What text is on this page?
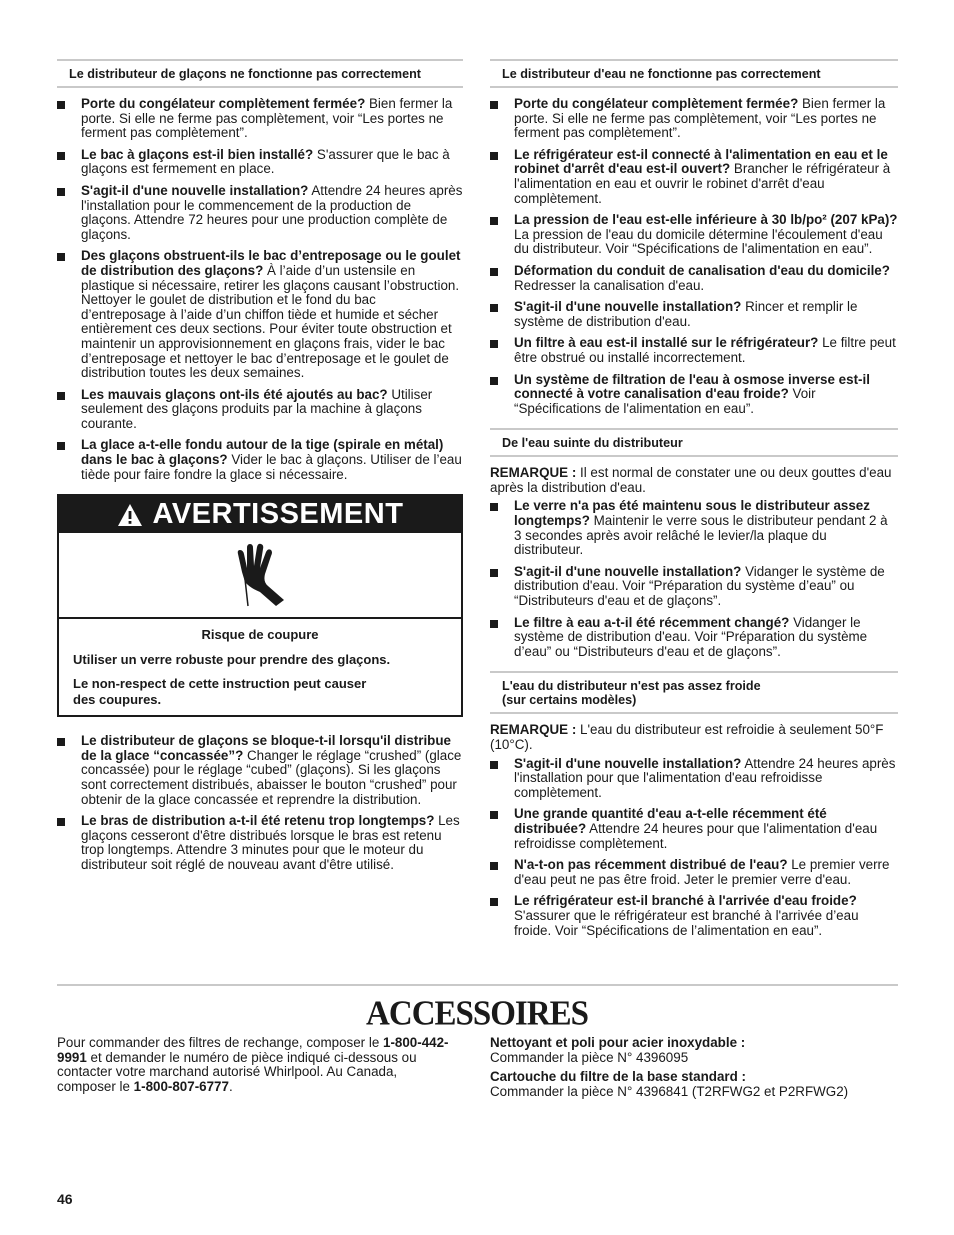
Le distributeur de glaçons ne fonctionne pas correctement
Porte du congélateur complètement fermée? Bien fermer la porte. Si elle ne ferme pas complètement, voir “Les portes ne ferment pas complètement”.
Le bac à glaçons est-il bien installé? S'assurer que le bac à glaçons est fermement en place.
S'agit-il d'une nouvelle installation? Attendre 24 heures après l'installation pour le commencement de la production de glaçons. Attendre 72 heures pour une production complète de glaçons.
Des glaçons obstruent-ils le bac d’entreposage ou le goulet de distribution des glaçons? À l’aide d’un ustensile en plastique si nécessaire, retirer les glaçons causant l’obstruction. Nettoyer le goulet de distribution et le fond du bac d’entreposage à l’aide d’un chiffon tiède et humide et sécher entièrement ces deux sections. Pour éviter toute obstruction et maintenir un approvisionnement en glaçons frais, vider le bac d’entreposage et nettoyer le bac d’entreposage et le goulet de distribution toutes les deux semaines.
Les mauvais glaçons ont-ils été ajoutés au bac? Utiliser seulement des glaçons produits par la machine à glaçons courante.
La glace a-t-elle fondu autour de la tige (spirale en métal) dans le bac à glaçons? Vider le bac à glaçons. Utiliser de l’eau tiède pour faire fondre la glace si nécessaire.
AVERTISSEMENT

Risque de coupure

Utiliser un verre robuste pour prendre des glaçons.

Le non-respect de cette instruction peut causer des coupures.

Le distributeur de glaçons se bloque-t-il lorsqu'il distribue de la glace “concassée”? Changer le réglage “crushed” (glace concassée) pour le réglage “cubed” (glaçons). Si les glaçons sont correctement distribués, abaisser le bouton “crushed” pour obtenir de la glace concassée et reprendre la distribution.
Le bras de distribution a-t-il été retenu trop longtemps? Les glaçons cesseront d'être distribués lorsque le bras est retenu trop longtemps. Attendre 3 minutes pour que le moteur du distributeur soit réglé de nouveau avant d'être utilisé.
Le distributeur d'eau ne fonctionne pas correctement
Porte du congélateur complètement fermée? Bien fermer la porte. Si elle ne ferme pas complètement, voir “Les portes ne ferment pas complètement”.
Le réfrigérateur est-il connecté à l'alimentation en eau et le robinet d'arrêt d'eau est-il ouvert? Brancher le réfrigérateur à l'alimentation en eau et ouvrir le robinet d'arrêt d'eau complètement.
La pression de l'eau est-elle inférieure à 30 lb/po² (207 kPa)? La pression de l'eau du domicile détermine l'écoulement d'eau du distributeur. Voir “Spécifications de l'alimentation en eau”.
Déformation du conduit de canalisation d'eau du domicile? Redresser la canalisation d'eau.
S'agit-il d'une nouvelle installation? Rincer et remplir le système de distribution d'eau.
Un filtre à eau est-il installé sur le réfrigérateur? Le filtre peut être obstrué ou installé incorrectement.
Un système de filtration de l'eau à osmose inverse est-il connecté à votre canalisation d'eau froide? Voir “Spécifications de l'alimentation en eau”.
De l'eau suinte du distributeur

REMARQUE : Il est normal de constater une ou deux gouttes d'eau après la distribution d'eau.

Le verre n'a pas été maintenu sous le distributeur assez longtemps? Maintenir le verre sous le distributeur pendant 2 à 3 secondes après avoir relâché le levier/la plaque du distributeur.
S'agit-il d'une nouvelle installation? Vidanger le système de distribution d'eau. Voir “Préparation du système d’eau” ou “Distributeurs d'eau et de glaçons”.
Le filtre à eau a-t-il été récemment changé? Vidanger le système de distribution d'eau. Voir “Préparation du système d’eau” ou “Distributeurs d'eau et de glaçons”.
L'eau du distributeur n'est pas assez froide
(sur certains modèles)

REMARQUE : L'eau du distributeur est refroidie à seulement 50°F (10°C).

S'agit-il d'une nouvelle installation? Attendre 24 heures après l'installation pour que l'alimentation d'eau refroidisse complètement.
Une grande quantité d'eau a-t-elle récemment été distribuée? Attendre 24 heures pour que l'alimentation d'eau refroidisse complètement.
N'a-t-on pas récemment distribué de l'eau? Le premier verre d'eau peut ne pas être froid. Jeter le premier verre d'eau.
Le réfrigérateur est-il branché à l'arrivée d'eau froide? S'assurer que le réfrigérateur est branché à l'arrivée d’eau froide. Voir “Spécifications de l’alimentation en eau”.
ACCESSOIRES

Pour commander des filtres de rechange, composer le 1-800-442-9991 et demander le numéro de pièce indiqué ci-dessous ou contacter votre marchand autorisé Whirlpool. Au Canada, composer le 1-800-807-6777.

Nettoyant et poli pour acier inoxydable :

Commander la pièce N° 4396095

Cartouche du filtre de la base standard :

Commander la pièce N° 4396841 (T2RFWG2 et P2RFWG2)

46
